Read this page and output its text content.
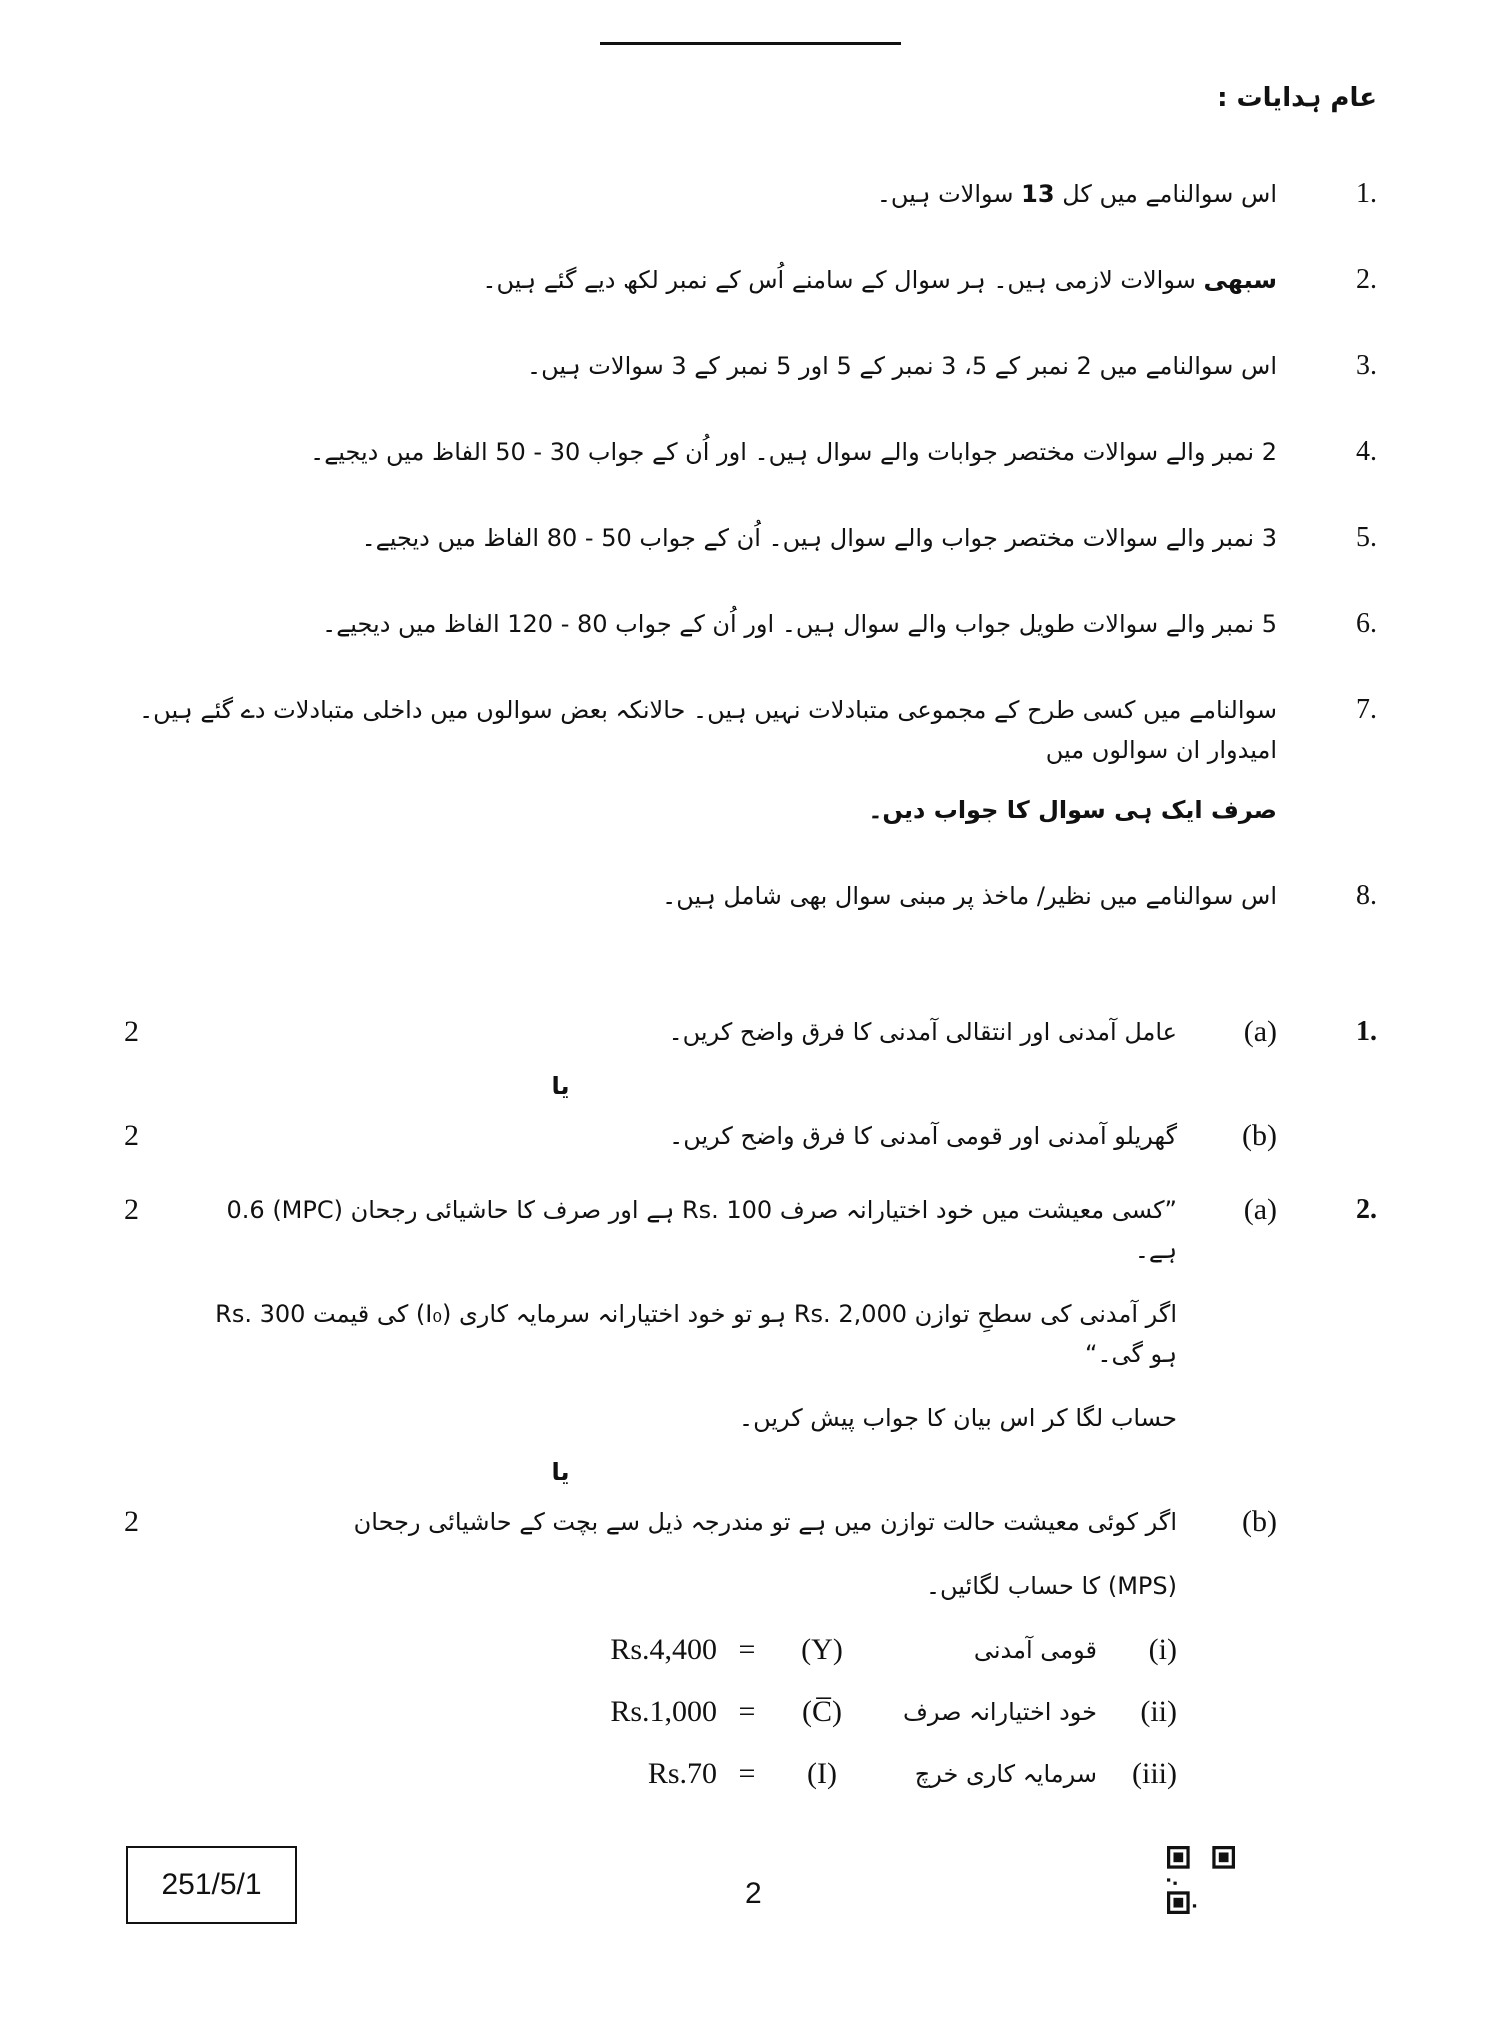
عام ہدایات :
1.
اس سوالنامے میں کل 13 سوالات ہیں۔
2.
سبھی سوالات لازمی ہیں۔ ہر سوال کے سامنے اُس کے نمبر لکھ دیے گئے ہیں۔
3.
اس سوالنامے میں 2 نمبر کے 5، 3 نمبر کے 5 اور 5 نمبر کے 3 سوالات ہیں۔
4.
2 نمبر والے سوالات مختصر جوابات والے سوال ہیں۔ اور اُن کے جواب 30 - 50 الفاظ میں دیجیے۔
5.
3 نمبر والے سوالات مختصر جواب والے سوال ہیں۔ اُن کے جواب 50 - 80 الفاظ میں دیجیے۔
6.
5 نمبر والے سوالات طویل جواب والے سوال ہیں۔ اور اُن کے جواب 80 - 120 الفاظ میں دیجیے۔
7.
سوالنامے میں کسی طرح کے مجموعی متبادلات نہیں ہیں۔ حالانکہ بعض سوالوں میں داخلی متبادلات دے گئے ہیں۔ امیدوار ان سوالوں میں
صرف ایک ہی سوال کا جواب دیں۔
8.
اس سوالنامے میں نظیر/ ماخذ پر مبنی سوال بھی شامل ہیں۔
1.
(a)
عامل آمدنی اور انتقالی آمدنی کا فرق واضح کریں۔
2
یا
(b)
گھریلو آمدنی اور قومی آمدنی کا فرق واضح کریں۔
2
2.
(a)
”کسی معیشت میں خود اختیارانہ صرف ⁦Rs. 100⁩ ہے اور صرف کا حاشیائی رجحان ⁦(MPC)⁩ ⁦0.6⁩ ہے۔
اگر آمدنی کی سطحِ توازن ⁦Rs. 2,000⁩ ہو تو خود اختیارانہ سرمایہ کاری ⁦(I₀)⁩ کی قیمت ⁦Rs. 300⁩ ہو گی۔“
حساب لگا کر اس بیان کا جواب پیش کریں۔
2
یا
(b)
اگر کوئی معیشت حالت توازن میں ہے تو مندرجہ ذیل سے بچت کے حاشیائی رجحان
⁦(MPS)⁩ کا حساب لگائیں۔
(i)
قومی آمدنی
(Y)
=
Rs.4,400
(ii)
خود اختیارانہ صرف
(C̅)
=
Rs.1,000
(iii)
سرمایہ کاری خرچ
(I)
=
Rs.70
2
251/5/1	2
